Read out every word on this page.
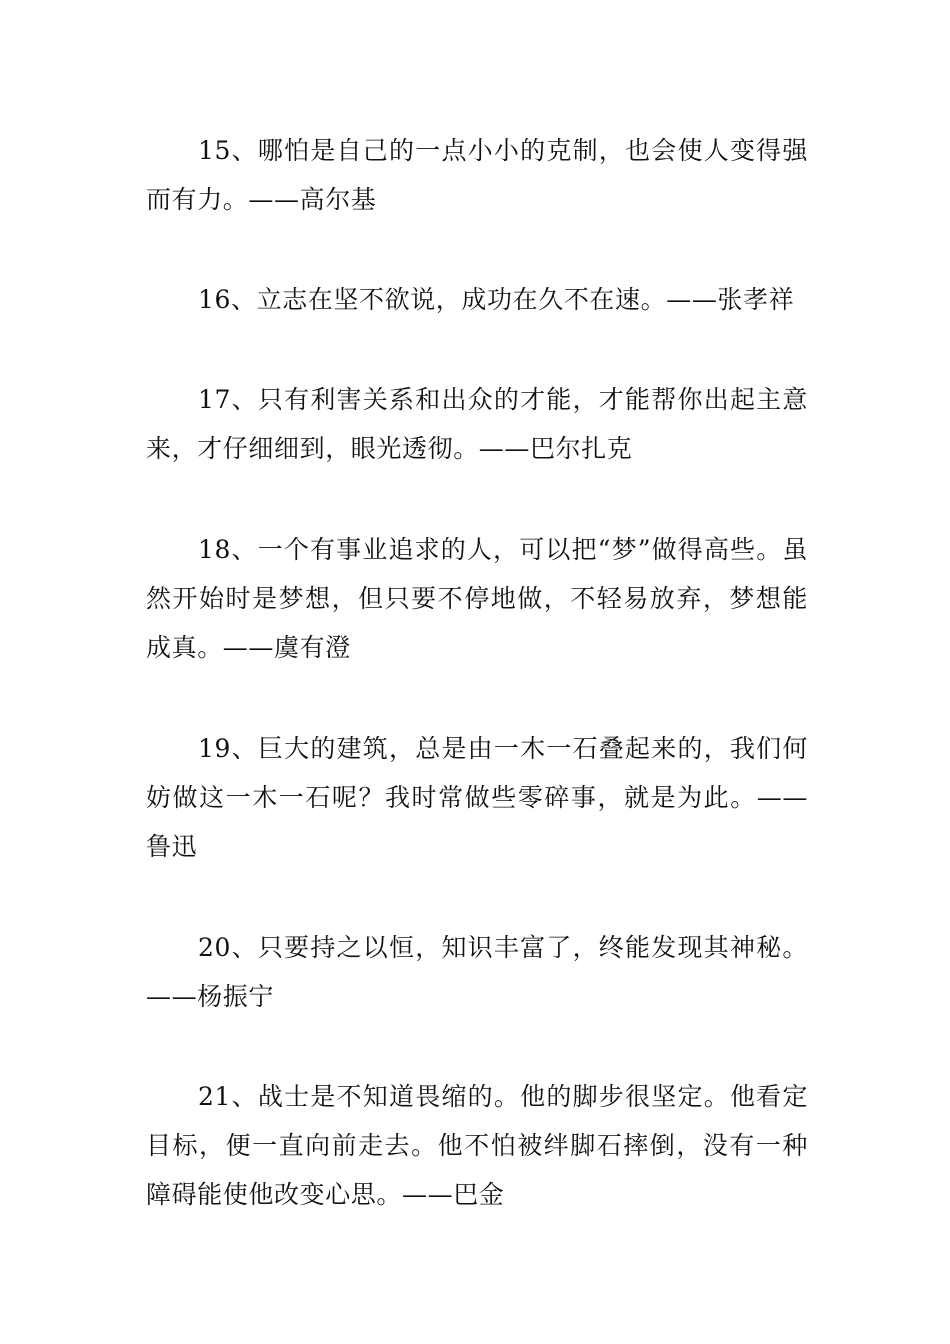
15、哪怕是自己的一点小小的克制，也会使人变得强而有力。——高尔基

16、立志在坚不欲说，成功在久不在速。——张孝祥

17、只有利害关系和出众的才能，才能帮你出起主意来，才仔细细到，眼光透彻。——巴尔扎克

18、一个有事业追求的人，可以把“梦”做得高些。虽然开始时是梦想，但只要不停地做，不轻易放弃，梦想能成真。——虞有澄

19、巨大的建筑，总是由一木一石叠起来的，我们何妨做这一木一石呢？我时常做些零碎事，就是为此。——鲁迅

20、只要持之以恒，知识丰富了，终能发现其神秘。——杨振宁

21、战士是不知道畏缩的。他的脚步很坚定。他看定目标，便一直向前走去。他不怕被绊脚石摔倒，没有一种障碍能使他改变心思。——巴金
